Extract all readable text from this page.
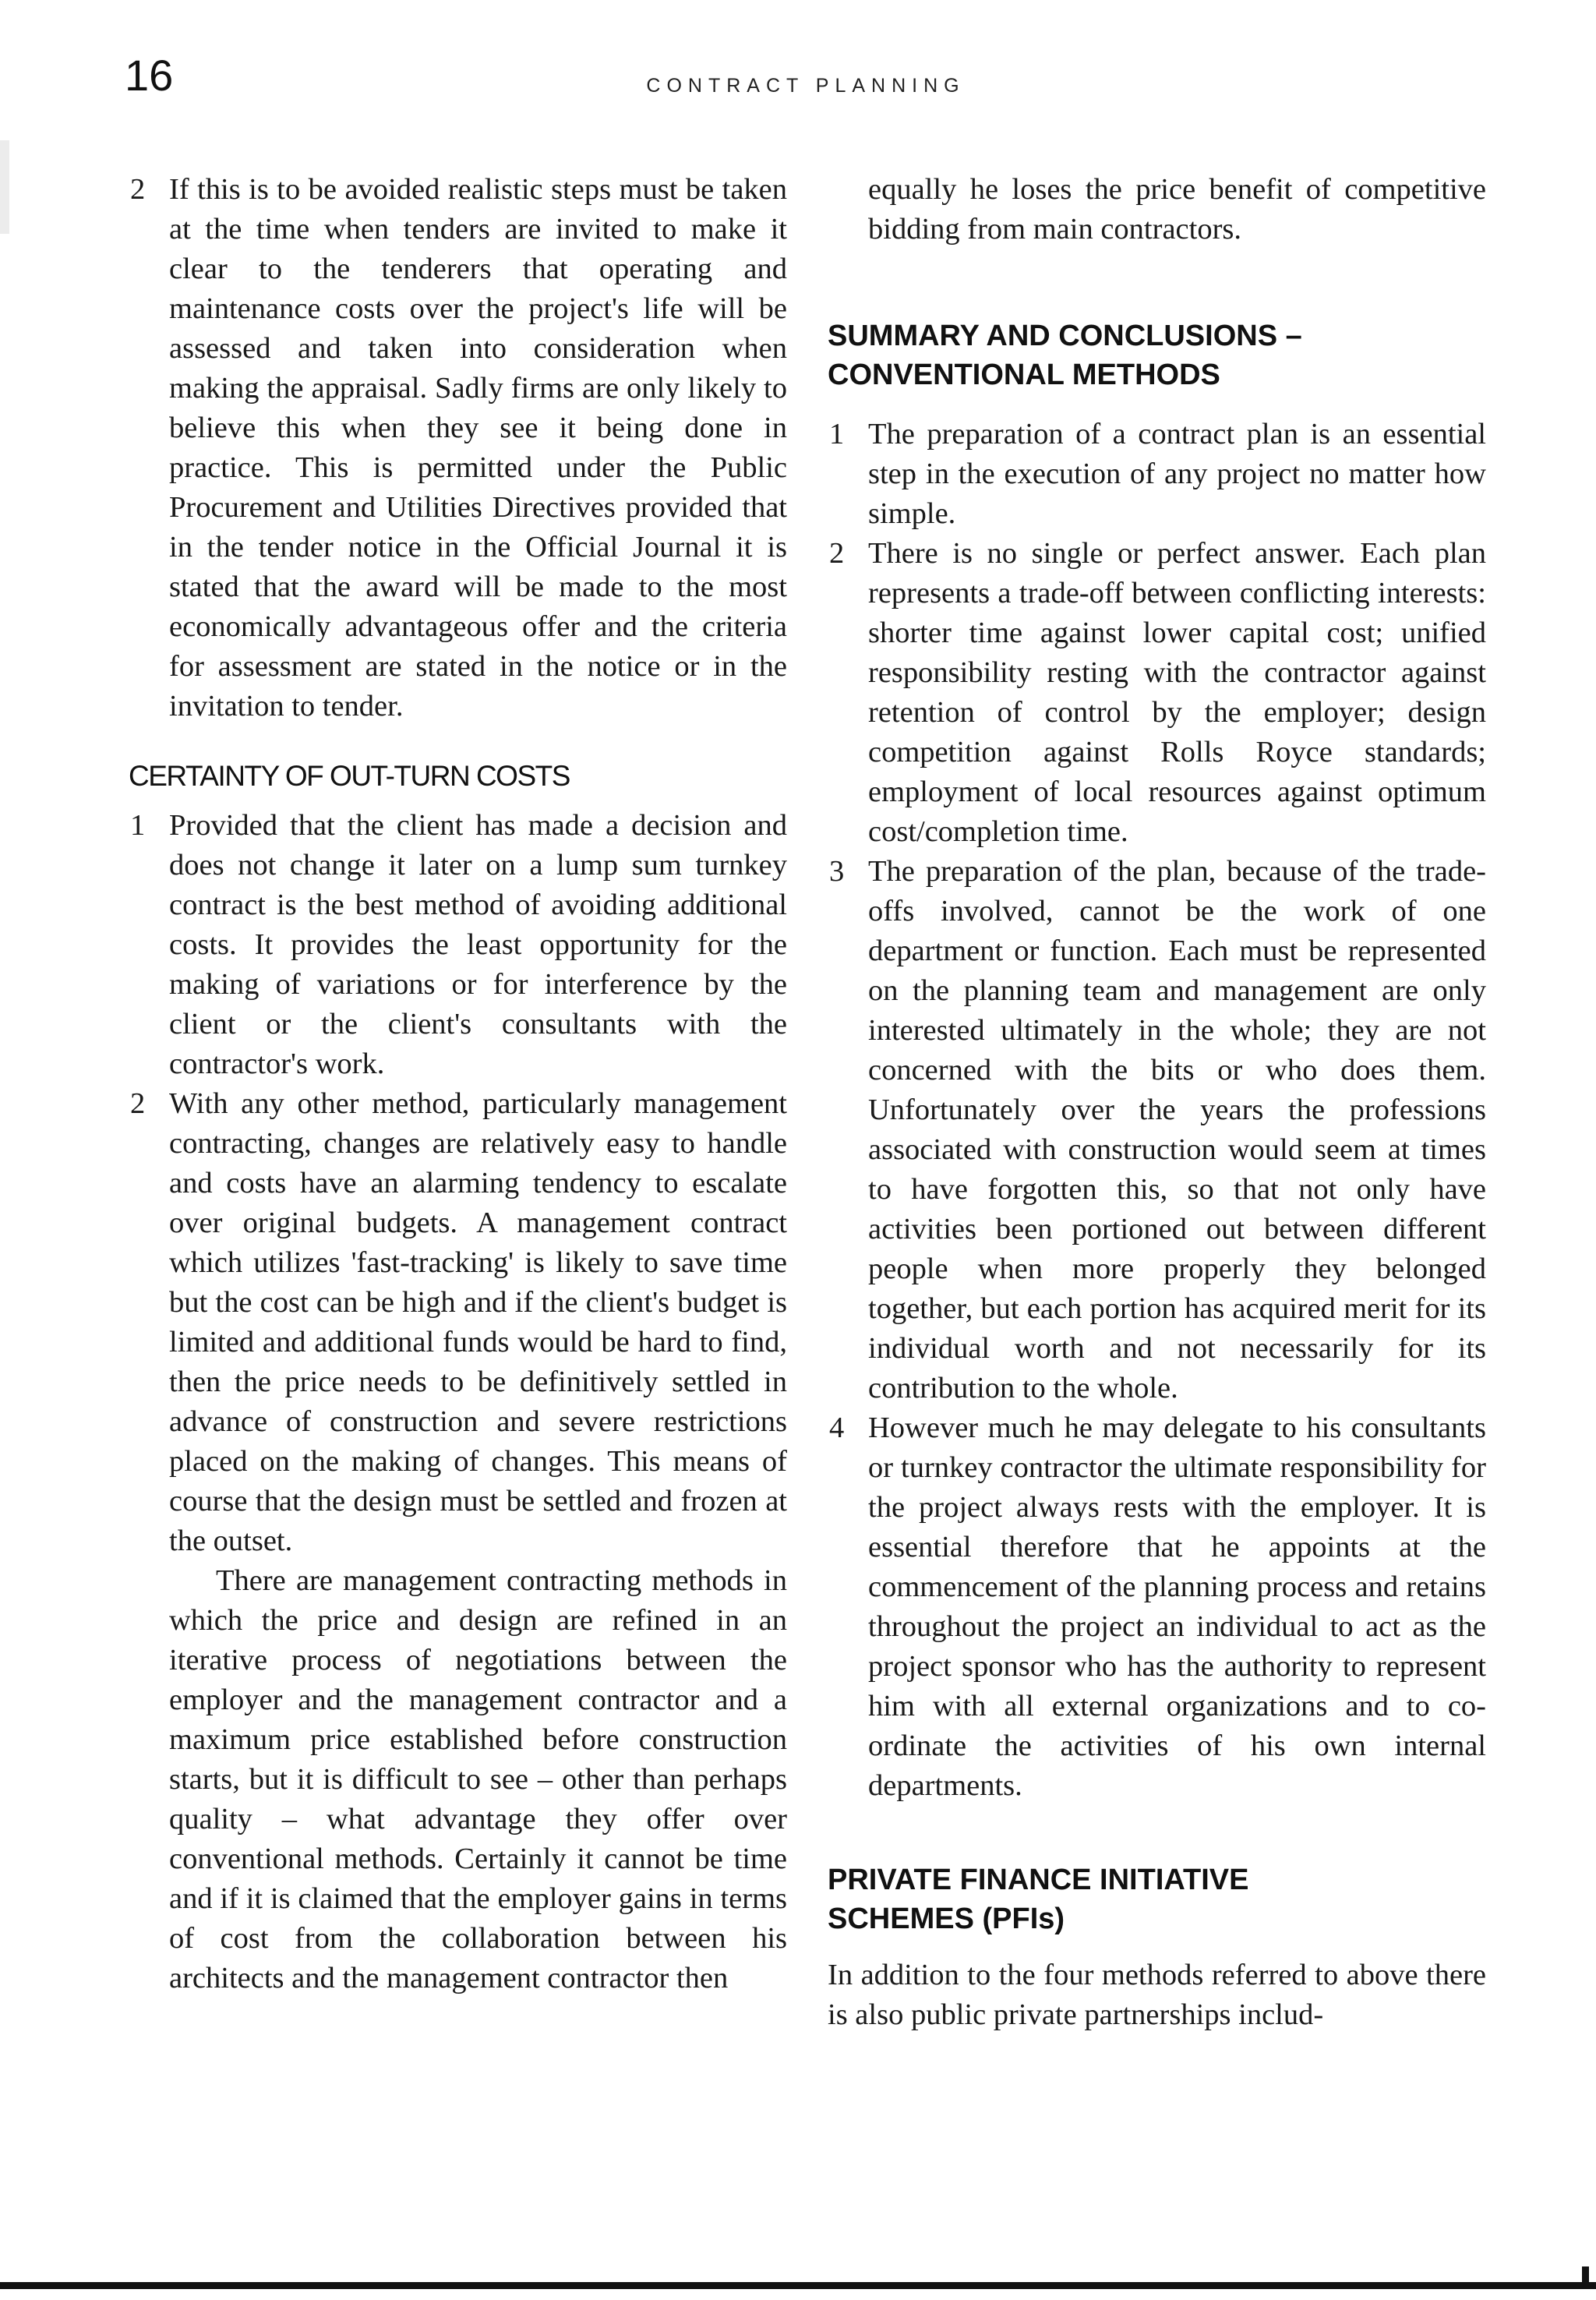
16	CONTRACT PLANNING

2 If this is to be avoided realistic steps must be taken at the time when tenders are invited to make it clear to the tenderers that operating and maintenance costs over the project's life will be assessed and taken into consideration when making the appraisal. Sadly firms are only likely to believe this when they see it being done in practice. This is permitted under the Public Procurement and Utilities Directives provided that in the tender notice in the Official Journal it is stated that the award will be made to the most economically advantageous offer and the criteria for assessment are stated in the notice or in the invitation to tender.

CERTAINTY OF OUT-TURN COSTS

1 Provided that the client has made a decision and does not change it later on a lump sum turnkey contract is the best method of avoiding additional costs. It provides the least opportunity for the making of variations or for interference by the client or the client's consultants with the contractor's work.

2 With any other method, particularly management contracting, changes are relatively easy to handle and costs have an alarming tendency to escalate over original budgets. A management contract which utilizes 'fast-tracking' is likely to save time but the cost can be high and if the client's budget is limited and additional funds would be hard to find, then the price needs to be definitively settled in advance of construction and severe restrictions placed on the making of changes. This means of course that the design must be settled and frozen at the outset.

There are management contracting methods in which the price and design are refined in an iterative process of negotiations between the employer and the management contractor and a maximum price established before construction starts, but it is difficult to see – other than perhaps quality – what advantage they offer over conventional methods. Certainly it cannot be time and if it is claimed that the employer gains in terms of cost from the collaboration between his architects and the management contractor then

equally he loses the price benefit of competitive bidding from main contractors.

SUMMARY AND CONCLUSIONS –
CONVENTIONAL METHODS

1 The preparation of a contract plan is an essential step in the execution of any project no matter how simple.

2 There is no single or perfect answer. Each plan represents a trade-off between conflicting interests: shorter time against lower capital cost; unified responsibility resting with the contractor against retention of control by the employer; design competition against Rolls Royce standards; employment of local resources against optimum cost/completion time.

3 The preparation of the plan, because of the trade-offs involved, cannot be the work of one department or function. Each must be represented on the planning team and management are only interested ultimately in the whole; they are not concerned with the bits or who does them. Unfortunately over the years the professions associated with construction would seem at times to have forgotten this, so that not only have activities been portioned out between different people when more properly they belonged together, but each portion has acquired merit for its individual worth and not necessarily for its contribution to the whole.

4 However much he may delegate to his consultants or turnkey contractor the ultimate responsibility for the project always rests with the employer. It is essential therefore that he appoints at the commencement of the planning process and retains throughout the project an individual to act as the project sponsor who has the authority to represent him with all external organizations and to co-ordinate the activities of his own internal departments.

PRIVATE FINANCE INITIATIVE
SCHEMES (PFIs)

In addition to the four methods referred to above there is also public private partnerships includ-
